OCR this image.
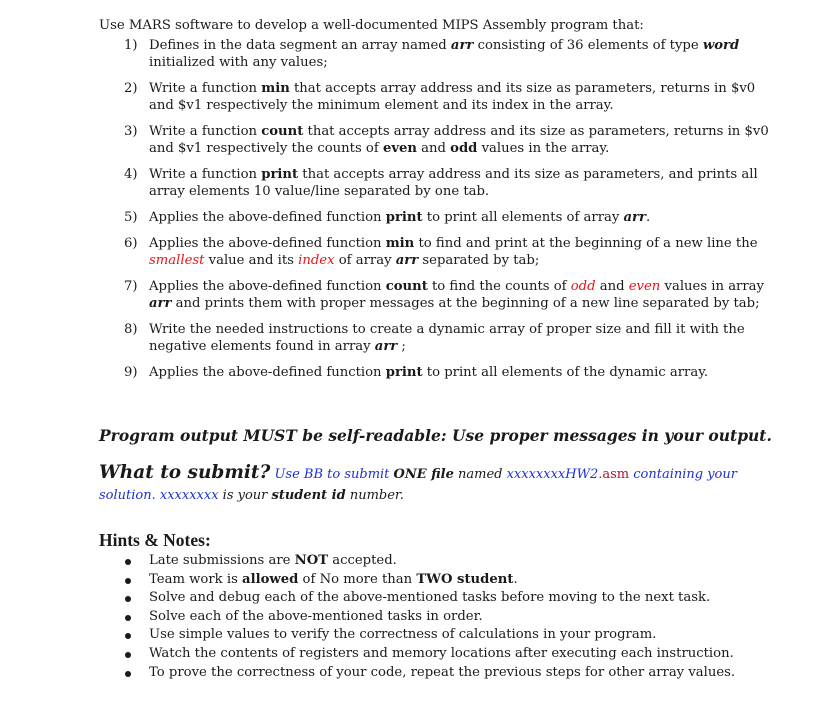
Use MARS software to develop a well-documented MIPS Assembly program that:
1) Defines in the data segment an array named arr consisting of 36 elements of type word initialized with any values;
2) Write a function min that accepts array address and its size as parameters, returns in $v0 and $v1 respectively the minimum element and its index in the array.
3) Write a function count that accepts array address and its size as parameters, returns in $v0 and $v1 respectively the counts of even and odd values in the array.
4) Write a function print that accepts array address and its size as parameters, and prints all array elements 10 value/line separated by one tab.
5) Applies the above-defined function print to print all elements of array arr.
6) Applies the above-defined function min to find and print at the beginning of a new line the smallest value and its index of array arr separated by tab;
7) Applies the above-defined function count to find the counts of odd and even values in array arr and prints them with proper messages at the beginning of a new line separated by tab;
8) Write the needed instructions to create a dynamic array of proper size and fill it with the negative elements found in array arr ;
9) Applies the above-defined function print to print all elements of the dynamic array.
Program output MUST be self-readable: Use proper messages in your output.
What to submit? Use BB to submit ONE file named xxxxxxxxHW2.asm containing your solution. xxxxxxxx is your student id number.
Hints & Notes:
Late submissions are NOT accepted.
Team work is allowed of No more than TWO student.
Solve and debug each of the above-mentioned tasks before moving to the next task.
Solve each of the above-mentioned tasks in order.
Use simple values to verify the correctness of calculations in your program.
Watch the contents of registers and memory locations after executing each instruction.
To prove the correctness of your code, repeat the previous steps for other array values.
